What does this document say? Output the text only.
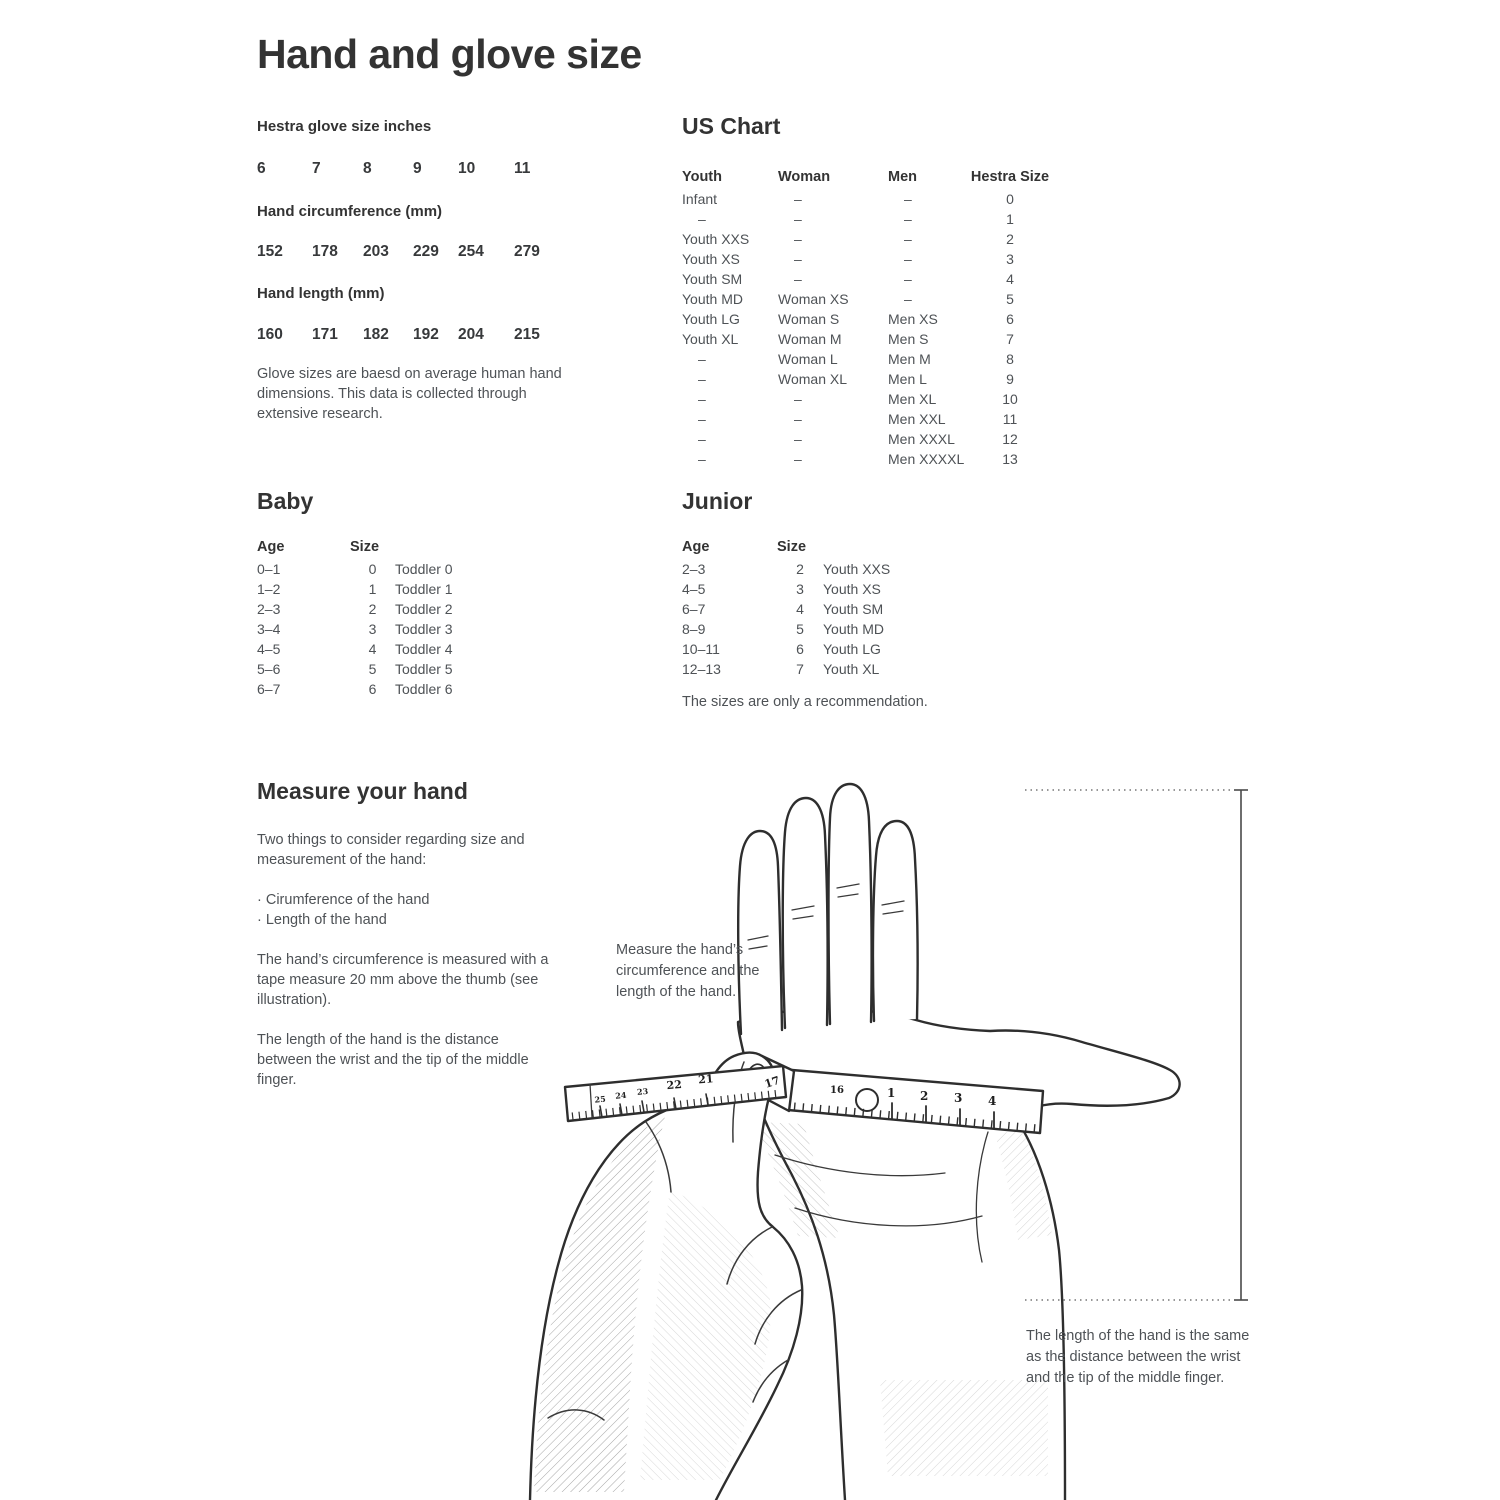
Hand and glove size
Hestra glove size inches
6	7	8	9	10	11
Hand circumference (mm)
152	178	203	229	254	279
Hand length (mm)
160	171	182	192	204	215

Glove sizes are baesd on average human hand dimensions. This data is collected through extensive research.

US Chart
Youth	Woman	Men	Hestra Size
Infant	–	–	0
–	–	–	1
Youth XXS	–	–	2
Youth XS	–	–	3
Youth SM	–	–	4
Youth MD	Woman XS	–	5
Youth LG	Woman S	Men XS	6
Youth XL	Woman M	Men S	7
–	Woman L	Men M	8
–	Woman XL	Men L	9
–	–	Men XL	10
–	–	Men XXL	11
–	–	Men XXXL	12
–	–	Men XXXXL	13
Baby
Age	Size
0–1	0	Toddler 0
1–2	1	Toddler 1
2–3	2	Toddler 2
3–4	3	Toddler 3
4–5	4	Toddler 4
5–6	5	Toddler 5
6–7	6	Toddler 6
Junior
Age	Size
2–3	2	Youth XXS
4–5	3	Youth XS
6–7	4	Youth SM
8–9	5	Youth MD
10–11	6	Youth LG
12–13	7	Youth XL

The sizes are only a recommendation.

Measure your hand

Two things to consider regarding size and measurement of the hand:

· Cirumference of the hand
· Length of the hand

The hand’s circumference is measured with a tape measure 20 mm above the thumb (see illustration).

The length of the hand is the distance between the wrist and the tip of the middle finger.

25 24 23 22 21	17	16	1 2 3 4
Measure the hand’s circumference and the length of the hand.
The length of the hand is the same as the distance between the wrist and the tip of the middle finger.
